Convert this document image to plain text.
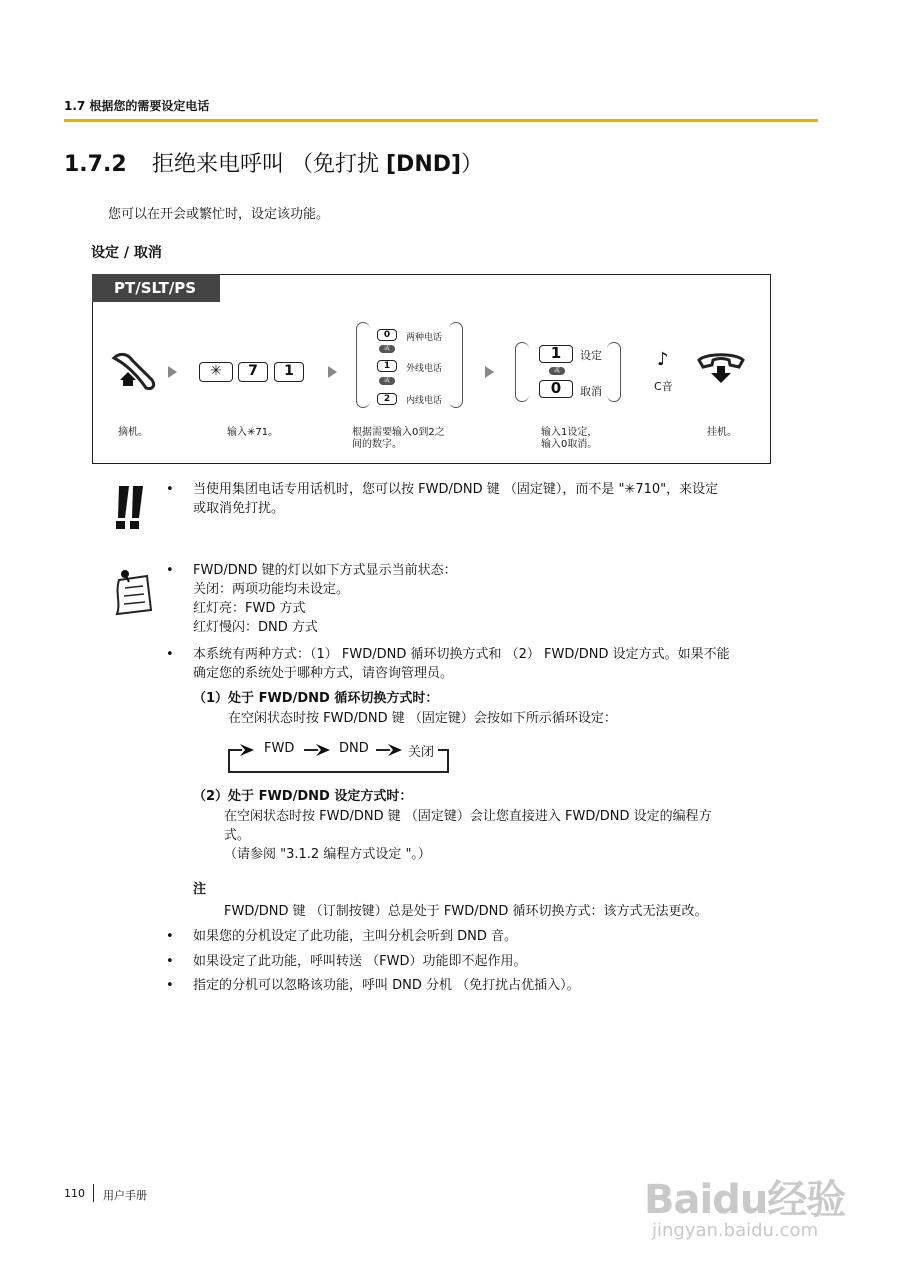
1.7 根据您的需要设定电话
1.7.2 拒绝来电呼叫 （免打扰 [DND]）
您可以在开会或繁忙时，设定该功能。
设定 / 取消
PT/SLT/PS
✳	7	1
0	两种电话
或
1	外线电话
或
2	内线电话
1	设定
或
0	取消
♪
C音
摘机。	输入✳71。	根据需要输入0到2之
间的数字。
输入1设定，
输入0取消。
挂机。
• 当使用集团电话专用话机时，您可以按 FWD/DND 键 （固定键），而不是 "✳710"，来设定
或取消免打扰。
• FWD/DND 键的灯以如下方式显示当前状态：
关闭：两项功能均未设定。
红灯亮：FWD 方式
红灯慢闪：DND 方式
• 本系统有两种方式：（1） FWD/DND 循环切换方式和 （2） FWD/DND 设定方式。如果不能
确定您的系统处于哪种方式，请咨询管理员。
（1）处于 FWD/DND 循环切换方式时：
在空闲状态时按 FWD/DND 键 （固定键）会按如下所示循环设定：
FWD	DND	关闭
（2）处于 FWD/DND 设定方式时：
在空闲状态时按 FWD/DND 键 （固定键）会让您直接进入 FWD/DND 设定的编程方
式。
（请参阅 "3.1.2 编程方式设定 "。）
注
FWD/DND 键 （订制按键）总是处于 FWD/DND 循环切换方式：该方式无法更改。
• 如果您的分机设定了此功能，主叫分机会听到 DND 音。
• 如果设定了此功能，呼叫转送 （FWD）功能即不起作用。
• 指定的分机可以忽略该功能，呼叫 DND 分机 （免打扰占优插入）。
110 用户手册	Baidu经验
jingyan.baidu.com
